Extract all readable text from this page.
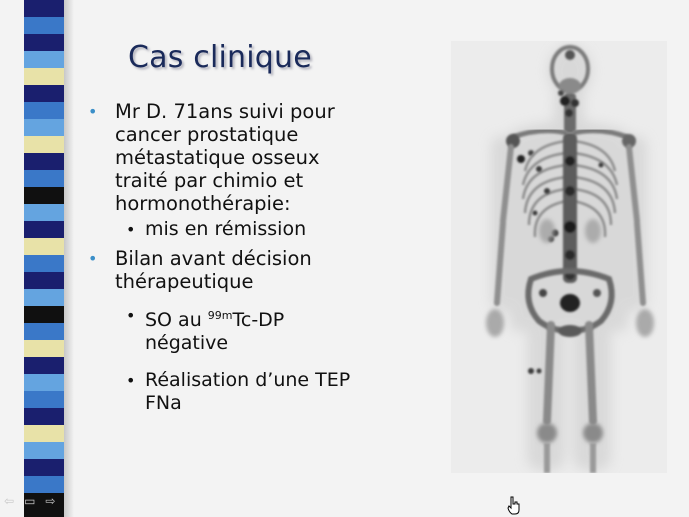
Cas clinique
• Mr D. 71ans suivi pour
cancer prostatique
métastatique osseux
traité par chimio et
hormonothérapie:
• mis en rémission
• Bilan avant décision
thérapeutique
• SO au $^{99m}$Tc-DP
négative
• Réalisation d’une TEP
FNa
⇦ ▭ ⇨
